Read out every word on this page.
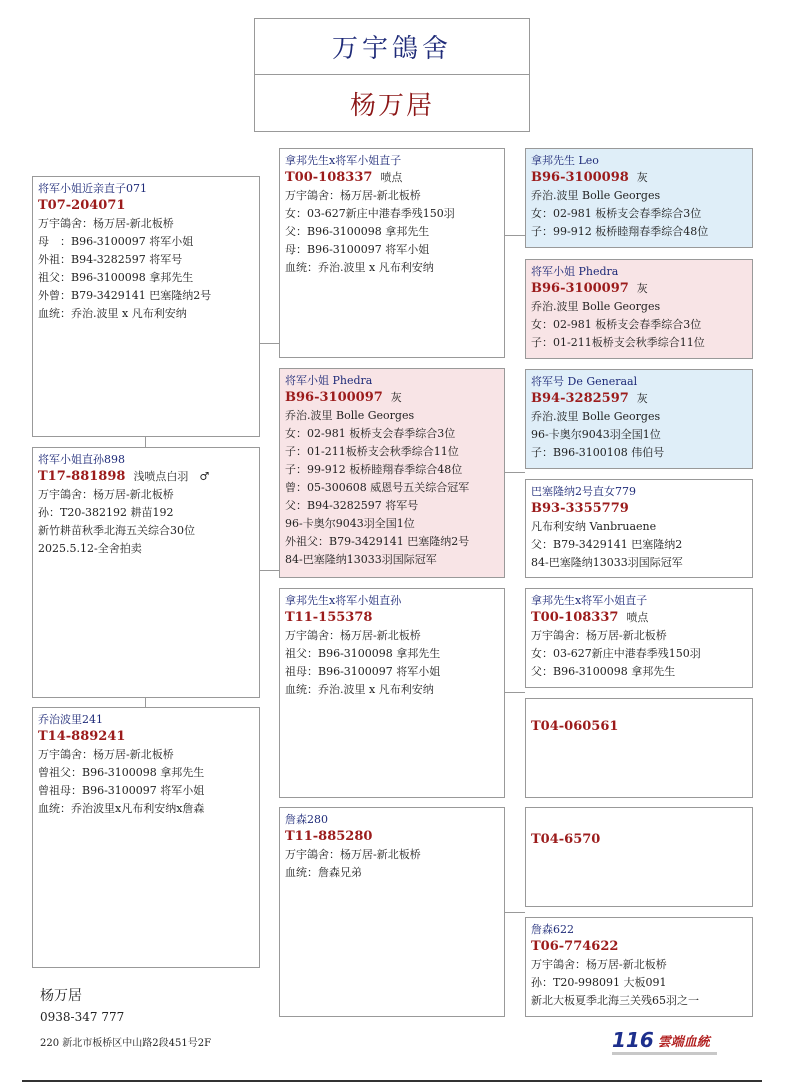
万宇鴿舍
杨万居
将军小姐近亲直子071
T07-204071
万宇鴿舍：杨万居-新北板桥
母　：B96-3100097 将军小姐
外祖：B94-3282597 将军号
祖父：B96-3100098 拿邦先生
外曾：B79-3429141 巴塞隆纳2号
血统：乔治.波里 x 凡布利安纳
将军小姐直孙898
T17-881898 浅喷点白羽　♂
万宇鴿舍：杨万居-新北板桥
孙：T20-382192 耕苗192
新竹耕苗秋季北海五关综合30位
2025.5.12-全舍拍卖
乔治波里241
T14-889241
万宇鴿舍：杨万居-新北板桥
曾祖父：B96-3100098 拿邦先生
曾祖母：B96-3100097 将军小姐
血统：乔治波里x凡布利安纳x詹森
拿邦先生x将军小姐直子
T00-108337 喷点
万宇鴿舍：杨万居-新北板桥
女：03-627新庄中港春季残150羽
父：B96-3100098 拿邦先生
母：B96-3100097 将军小姐
血统：乔治.波里 x 凡布利安纳
将军小姐 Phedra
B96-3100097 灰
乔治.波里 Bolle Georges
女：02-981 板桥支会春季综合3位
子：01-211板桥支会秋季综合11位
子：99-912 板桥睦翔春季综合48位
曾：05-300608 威恩号五关综合冠军
父：B94-3282597 将军号
96-卡奥尔9043羽全国1位
外祖父：B79-3429141 巴塞隆纳2号
84-巴塞隆纳13033羽国际冠军
拿邦先生x将军小姐直孙
T11-155378
万宇鴿舍：杨万居-新北板桥
祖父：B96-3100098 拿邦先生
祖母：B96-3100097 将军小姐
血统：乔治.波里 x 凡布利安纳
詹森280
T11-885280
万宇鴿舍：杨万居-新北板桥
血统：詹森兄弟
拿邦先生 Leo
B96-3100098 灰
乔治.波里 Bolle Georges
女：02-981 板桥支会春季综合3位
子：99-912 板桥睦翔春季综合48位
将军小姐 Phedra
B96-3100097 灰
乔治.波里 Bolle Georges
女：02-981 板桥支会春季综合3位
子：01-211板桥支会秋季综合11位
将军号 De Generaal
B94-3282597 灰
乔治.波里 Bolle Georges
96-卡奥尔9043羽全国1位
子：B96-3100108 伟伯号
巴塞隆纳2号直女779
B93-3355779
凡布利安纳 Vanbruaene
父：B79-3429141 巴塞隆纳2
84-巴塞隆纳13033羽国际冠军
拿邦先生x将军小姐直子
T00-108337 喷点
万宇鴿舍：杨万居-新北板桥
女：03-627新庄中港春季残150羽
父：B96-3100098 拿邦先生
T04-060561
T04-6570
詹森622
T06-774622
万宇鴿舍：杨万居-新北板桥
孙：T20-998091 大板091
新北大板夏季北海三关残65羽之一
杨万居
0938-347 777
220 新北市板桥区中山路2段451号2F	116 雲端血統
